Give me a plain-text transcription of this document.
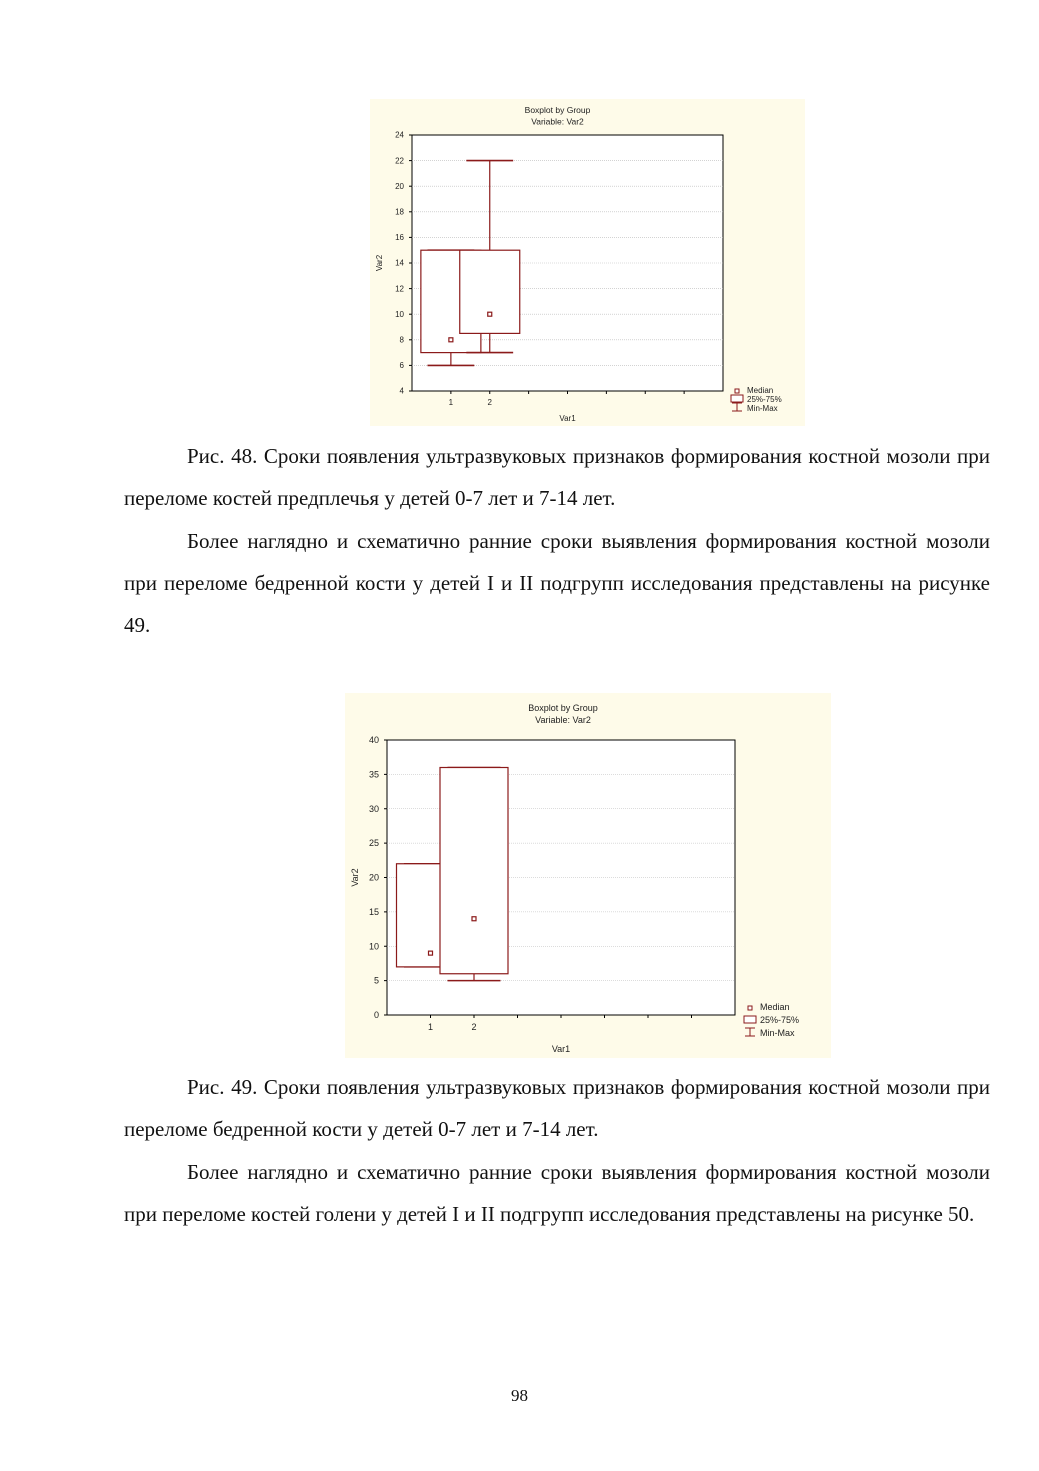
Boxplot by Group
Variable: Var2
4
6
8
10
12
14
16
18
20
22
24
Var1
Var2
1	2
Median
25%-75%
Min-Max
Рис. 48. Сроки появления ультразвуковых признаков формирования костной мозоли при переломе костей предплечья у детей 0-7 лет и 7-14 лет.
Более наглядно и схематично ранние сроки выявления формирования костной мозоли при переломе бедренной кости у детей I и II подгрупп исследования представлены на рисунке 49.
Boxplot by Group
Variable: Var2
0
5
10
15
20
25
30
35
40
Var1
Var2
1	2
Median
25%-75%
Min-Max
Рис. 49. Сроки появления ультразвуковых признаков формирования костной мозоли при переломе бедренной кости у детей 0-7 лет и 7-14 лет.
Более наглядно и схематично ранние сроки выявления формирования костной мозоли при переломе костей голени у детей I и II подгрупп исследования представлены на рисунке 50.
98
